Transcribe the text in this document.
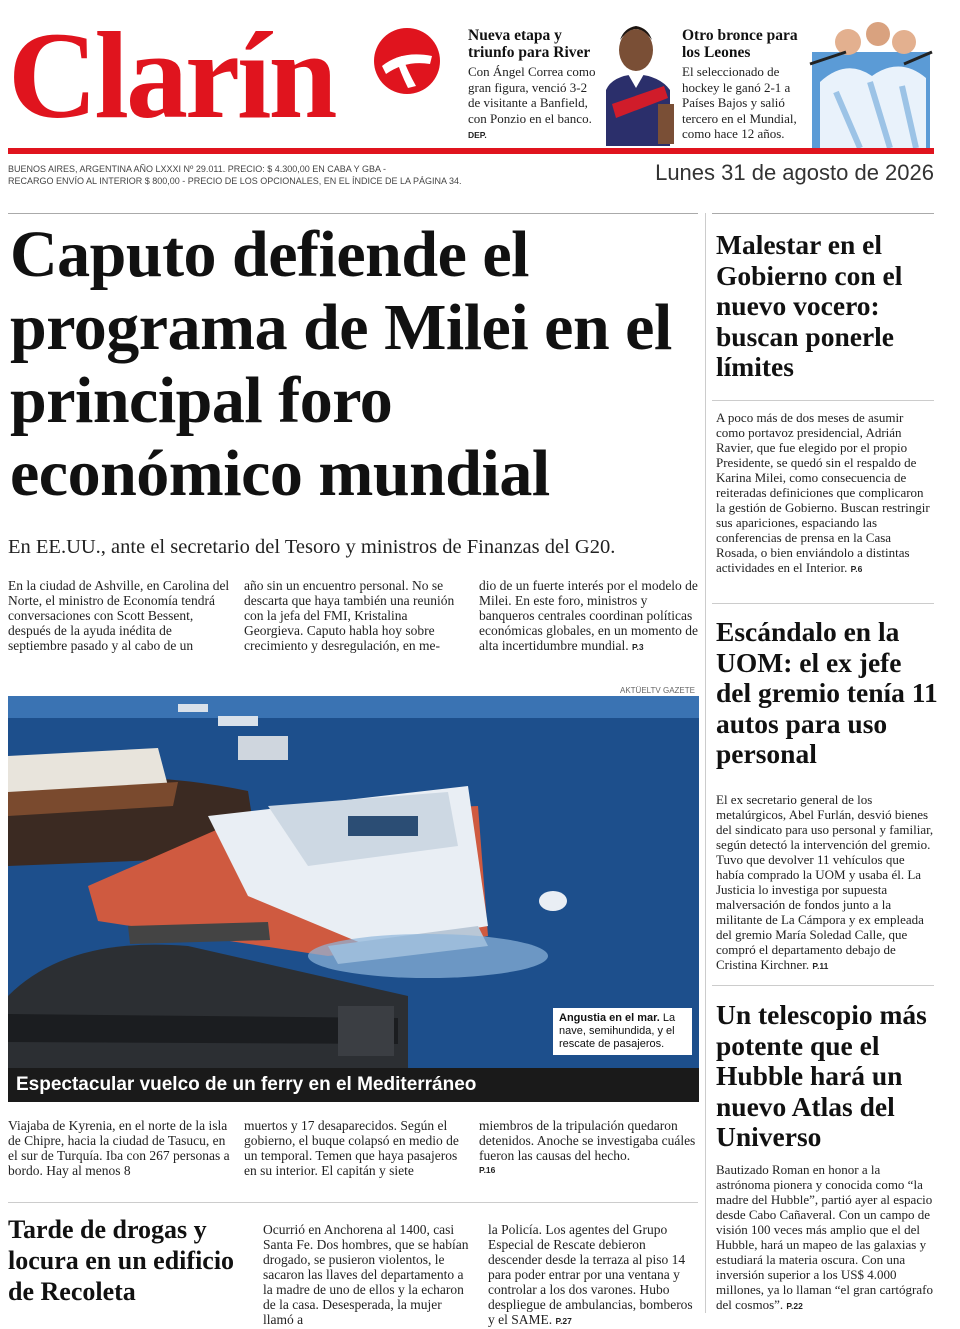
Clarín	Nueva etapa y triunfo para River
Con Ángel Correa como gran figura, venció 3-2 de visitante a Banfield, con Ponzio en el banco. DEP.
Otro bronce para los Leones
El seleccionado de hockey le ganó 2-1 a Países Bajos y salió tercero en el Mundial, como hace 12 años.
BUENOS AIRES, ARGENTINA AÑO LXXXI Nº 29.011. PRECIO: $ 4.300,00 EN CABA Y GBA -
RECARGO ENVÍO AL INTERIOR $ 800,00 - PRECIO DE LOS OPCIONALES, EN EL ÍNDICE DE LA PÁGINA 34.	Lunes 31 de agosto de 2026
Caputo defiende el programa de Milei en el principal foro económico mundial
En EE.UU., ante el secretario del Tesoro y ministros de Finanzas del G20.
En la ciudad de Ashville, en Carolina del Norte, el ministro de Economía tendrá conversaciones con Scott Bessent, después de la ayuda inédita de septiembre pasado y al cabo de un
año sin un encuentro personal. No se descarta que haya también una reunión con la jefa del FMI, Kristalina Georgieva. Caputo habla hoy sobre crecimiento y desregulación, en me-
dio de un fuerte interés por el modelo de Milei. En este foro, ministros y banqueros centrales coordinan políticas económicas globales, en un momento de alta incertidumbre mundial. P.3
AKTÜELTV GAZETE
Angustia en el mar. La nave, semihundida, y el rescate de pasajeros.
Espectacular vuelco de un ferry en el Mediterráneo
Viajaba de Kyrenia, en el norte de la isla de Chipre, hacia la ciudad de Tasucu, en el sur de Turquía. Iba con 267 personas a bordo. Hay al menos 8
muertos y 17 desaparecidos. Según el gobierno, el buque colapsó en medio de un temporal. Temen que haya pasajeros en su interior. El capitán y siete
miembros de la tripulación quedaron detenidos. Anoche se investigaba cuáles fueron las causas del hecho.
P.16
Malestar en el Gobierno con el nuevo vocero: buscan ponerle límites
A poco más de dos meses de asumir como portavoz presidencial, Adrián Ravier, que fue elegido por el propio Presidente, se quedó sin el respaldo de Karina Milei, como consecuencia de reiteradas definiciones que complicaron la gestión de Gobierno. Buscan restringir sus apariciones, espaciando las conferencias de prensa en la Casa Rosada, o bien enviándolo a distintas actividades en el Interior. P.6
Escándalo en la UOM: el ex jefe del gremio tenía 11 autos para uso personal
El ex secretario general de los metalúrgicos, Abel Furlán, desvió bienes del sindicato para uso personal y familiar, según detectó la intervención del gremio. Tuvo que devolver 11 vehículos que había comprado la UOM y usaba él. La Justicia lo investiga por supuesta malversación de fondos junto a la militante de La Cámpora y ex empleada del gremio María Soledad Calle, que compró el departamento debajo de Cristina Kirchner. P.11
Un telescopio más potente que el Hubble hará un nuevo Atlas del Universo
Bautizado Roman en honor a la astrónoma pionera y conocida como “la madre del Hubble”, partió ayer al espacio desde Cabo Cañaveral. Con un campo de visión 100 veces más amplio que el del Hubble, hará un mapeo de las galaxias y estudiará la materia oscura. Con una inversión superior a los US$ 4.000 millones, ya lo llaman “el gran cartógrafo del cosmos”. P.22
Tarde de drogas y locura en un edificio de Recoleta
Ocurrió en Anchorena al 1400, casi Santa Fe. Dos hombres, que se habían drogado, se pusieron violentos, le sacaron las llaves del departamento a la madre de uno de ellos y la echaron de la casa. Desesperada, la mujer llamó a
la Policía. Los agentes del Grupo Especial de Rescate debieron descender desde la terraza al piso 14 para poder entrar por una ventana y controlar a los dos varones. Hubo despliegue de ambulancias, bomberos y el SAME. P.27
